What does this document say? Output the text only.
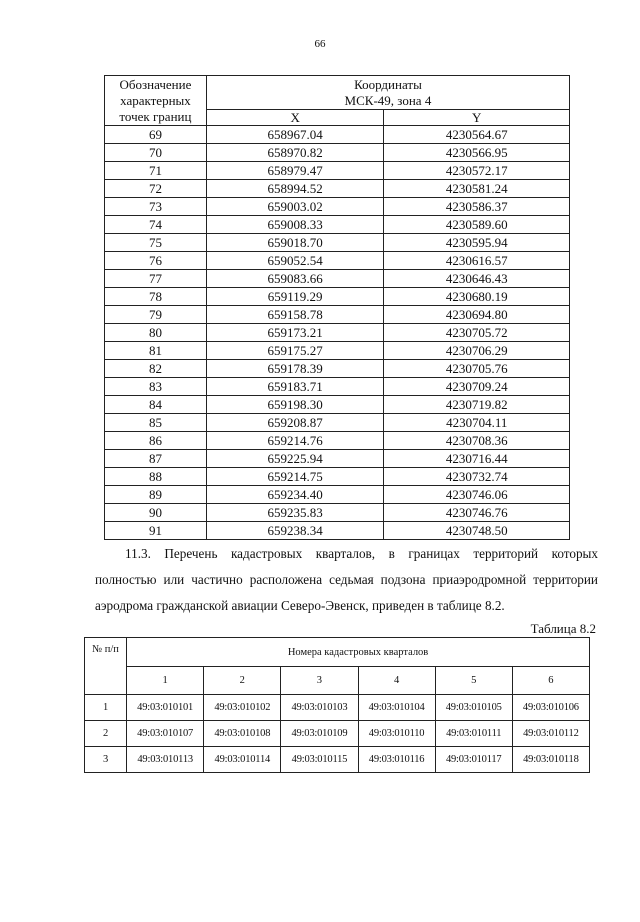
66
Обозначение
характерных
точек границ	Координаты
МСК-49, зона 4	
	X	Y
69	658967.04	4230564.67
70	658970.82	4230566.95
71	658979.47	4230572.17
72	658994.52	4230581.24
73	659003.02	4230586.37
74	659008.33	4230589.60
75	659018.70	4230595.94
76	659052.54	4230616.57
77	659083.66	4230646.43
78	659119.29	4230680.19
79	659158.78	4230694.80
80	659173.21	4230705.72
81	659175.27	4230706.29
82	659178.39	4230705.76
83	659183.71	4230709.24
84	659198.30	4230719.82
85	659208.87	4230704.11
86	659214.76	4230708.36
87	659225.94	4230716.44
88	659214.75	4230732.74
89	659234.40	4230746.06
90	659235.83	4230746.76
91	659238.34	4230748.50

11.3. Перечень кадастровых кварталов, в границах территорий которых

полностью или частично расположена седьмая подзона приаэродромной территории

аэродрома гражданской авиации Северо-Эвенск, приведен в таблице 8.2.

Таблица 8.2
№ п/п	Номера кадастровых кварталов					
	1	2	3	4	5	6
1	49:03:010101	49:03:010102	49:03:010103	49:03:010104	49:03:010105	49:03:010106
2	49:03:010107	49:03:010108	49:03:010109	49:03:010110	49:03:010111	49:03:010112
3	49:03:010113	49:03:010114	49:03:010115	49:03:010116	49:03:010117	49:03:010118
